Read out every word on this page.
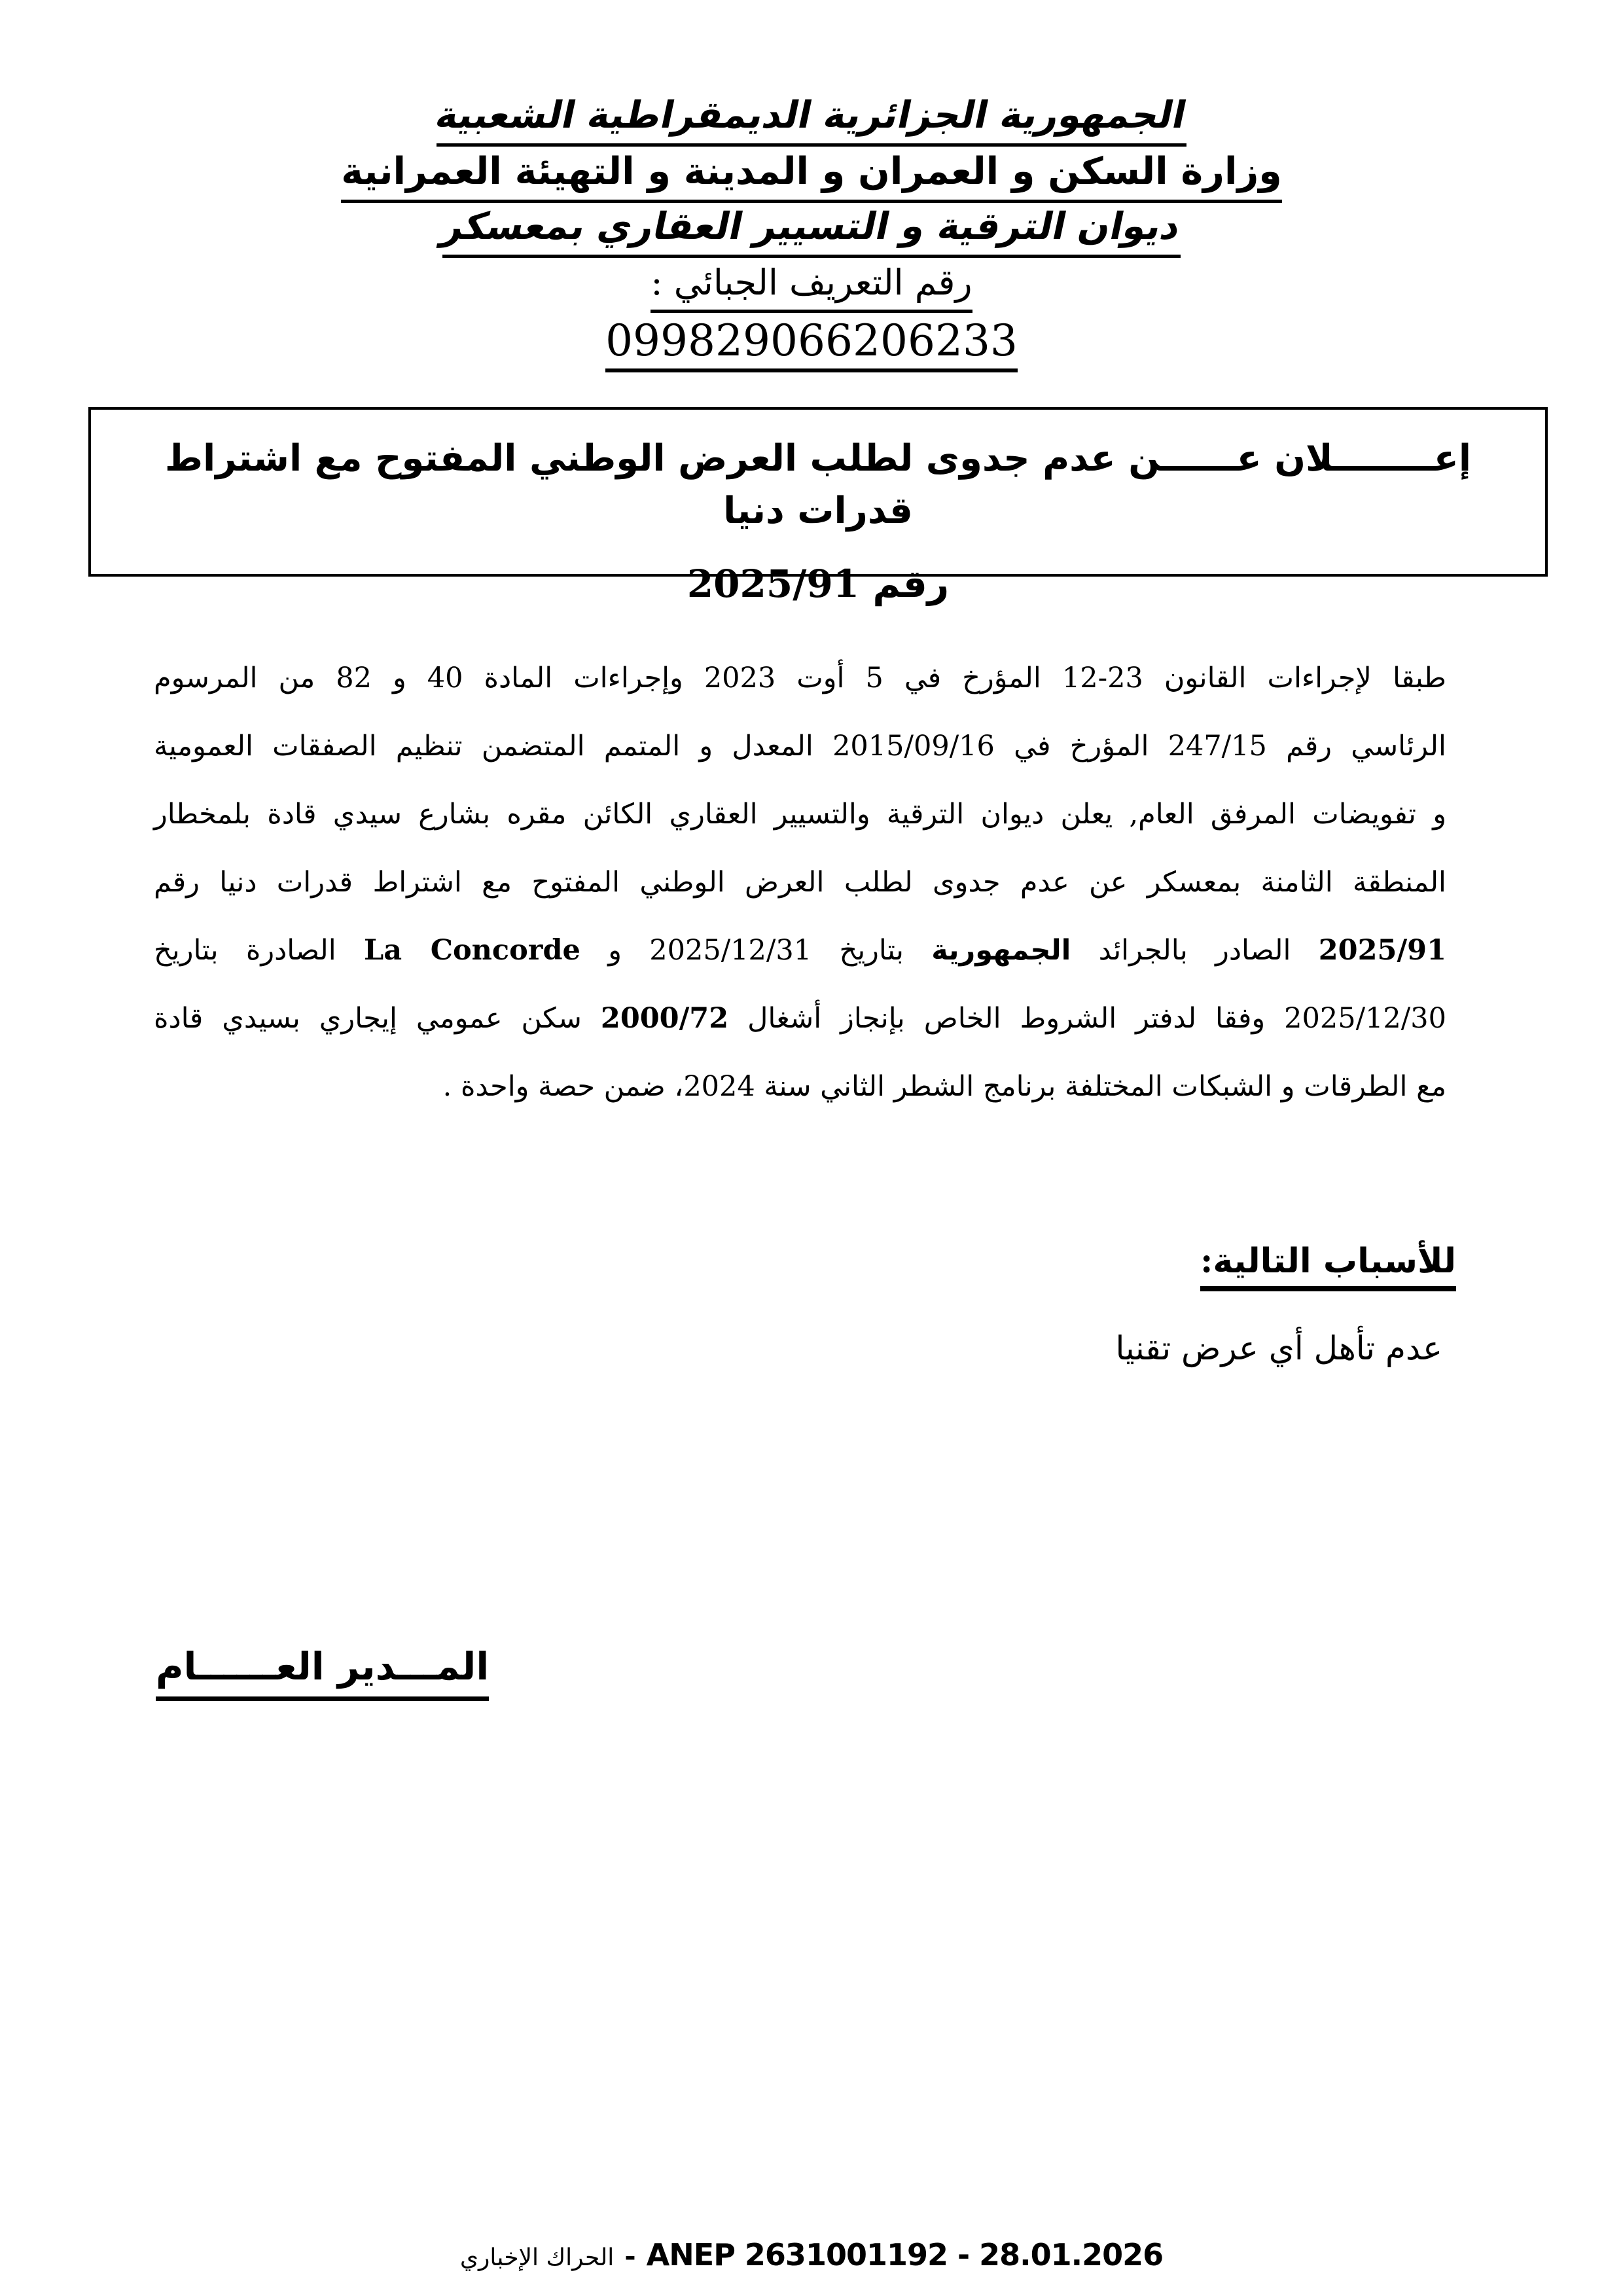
الجمهورية الجزائرية الديمقراطية الشعبية
وزارة السكن و العمران و المدينة و التهيئة العمرانية
ديوان الترقية و التسيير العقاري بمعسكر
رقم التعريف الجبائي :
099829066206233
إعــــــــلان عــــــن عدم جدوى لطلب العرض الوطني المفتوح مع اشتراط قدرات دنيا
رقم 2025/91
طبقا لإجراءات القانون 23-12 المؤرخ في 5 أوت 2023 وإجراءات المادة 40 و 82 من المرسوم
الرئاسي رقم 247/15 المؤرخ في 2015/09/16 المعدل و المتمم المتضمن تنظيم الصفقات العمومية
و تفويضات المرفق العام, يعلن ديوان الترقية والتسيير العقاري الكائن مقره بشارع سيدي قادة بلمخطار
المنطقة الثامنة بمعسكر عن عدم جدوى لطلب العرض الوطني المفتوح مع اشتراط قدرات دنيا رقم
2025/91 الصادر بالجرائد الجمهورية بتاريخ 2025/12/31 و La Concorde الصادرة بتاريخ
2025/12/30 وفقا لدفتر الشروط الخاص بإنجاز أشغال 2000/72 سكن عمومي إيجاري بسيدي قادة
مع الطرقات و الشبكات المختلفة برنامج الشطر الثاني سنة 2024، ضمن حصة واحدة .
للأسباب التالية:
عدم تأهل أي عرض تقنيا
المـــدير العــــــام
الحراك الإخباري - ANEP 2631001192 - 28.01.2026
